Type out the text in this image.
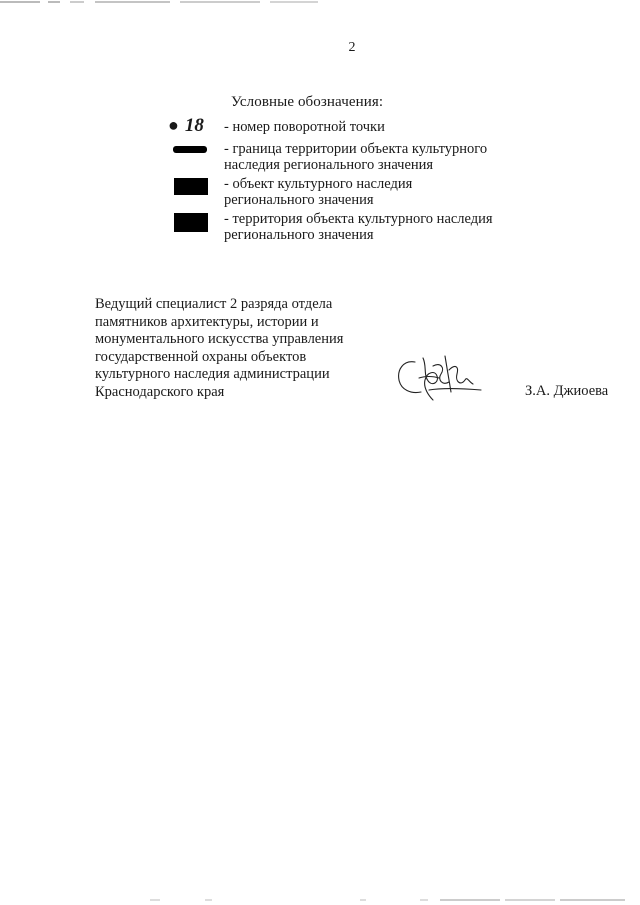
2
Условные обозначения:
● 18 - номер поворотной точки
- граница территории объекта культурного
наследия регионального значения
- объект культурного наследия
регионального значения
- территория объекта культурного наследия
регионального значения
Ведущий специалист 2 разряда отдела
памятников архитектуры, истории и
монументального искусства управления
государственной охраны объектов
культурного наследия администрации
Краснодарского края	З.А. Джиоева
